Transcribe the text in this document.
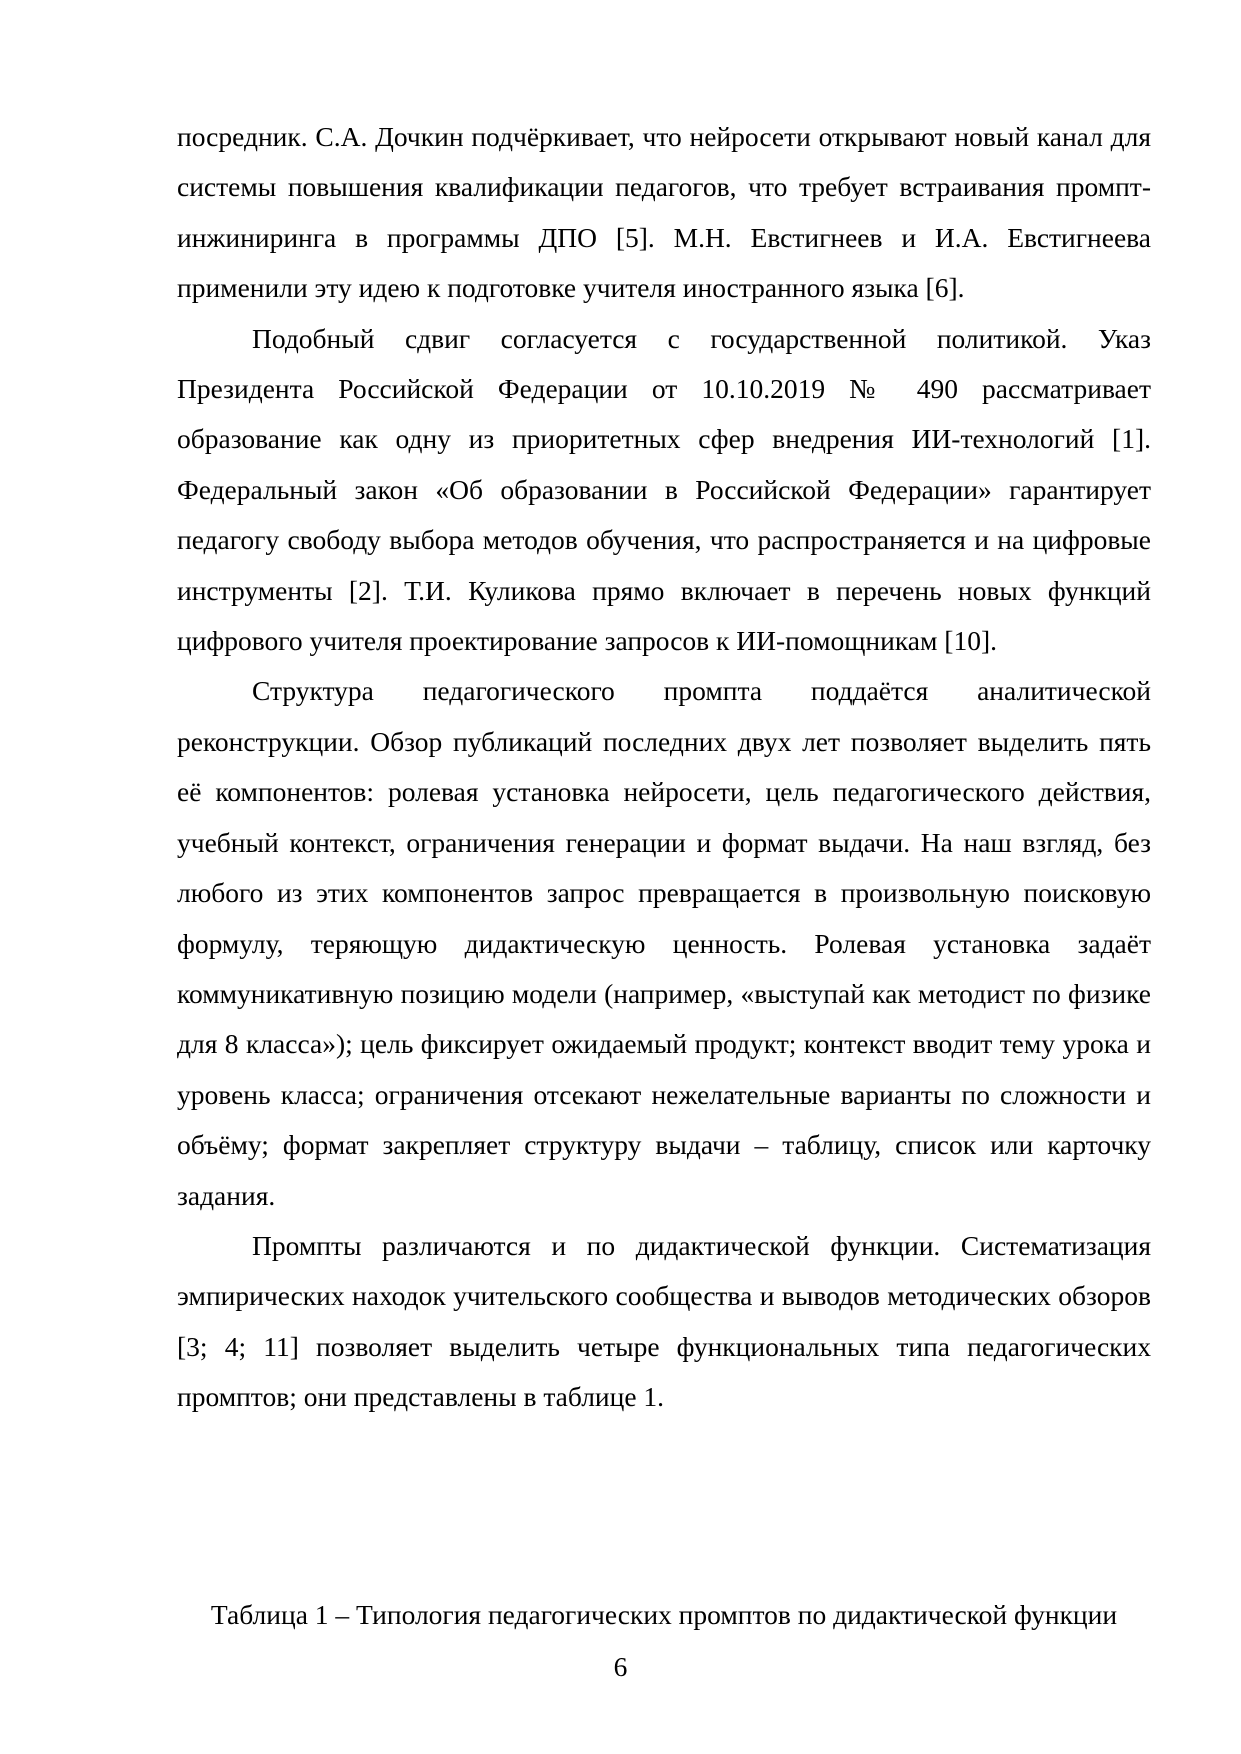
посредник. С.А. Дочкин подчёркивает, что нейросети открывают новый канал для системы повышения квалификации педагогов, что требует встраивания промпт-инжиниринга в программы ДПО [5]. М.Н. Евстигнеев и И.А. Евстигнеева применили эту идею к подготовке учителя иностранного языка [6].

Подобный сдвиг согласуется с государственной политикой. Указ Президента Российской Федерации от 10.10.2019 № 490 рассматривает образование как одну из приоритетных сфер внедрения ИИ-технологий [1]. Федеральный закон «Об образовании в Российской Федерации» гарантирует педагогу свободу выбора методов обучения, что распространяется и на цифровые инструменты [2]. Т.И. Куликова прямо включает в перечень новых функций цифрового учителя проектирование запросов к ИИ-помощникам [10].

Структура педагогического промпта поддаётся аналитической реконструкции. Обзор публикаций последних двух лет позволяет выделить пять её компонентов: ролевая установка нейросети, цель педагогического действия, учебный контекст, ограничения генерации и формат выдачи. На наш взгляд, без любого из этих компонентов запрос превращается в произвольную поисковую формулу, теряющую дидактическую ценность. Ролевая установка задаёт коммуникативную позицию модели (например, «выступай как методист по физике для 8 класса»); цель фиксирует ожидаемый продукт; контекст вводит тему урока и уровень класса; ограничения отсекают нежелательные варианты по сложности и объёму; формат закрепляет структуру выдачи – таблицу, список или карточку задания.

Промпты различаются и по дидактической функции. Систематизация эмпирических находок учительского сообщества и выводов методических обзоров [3; 4; 11] позволяет выделить четыре функциональных типа педагогических промптов; они представлены в таблице 1.

Таблица 1 – Типология педагогических промптов по дидактической функции

6
